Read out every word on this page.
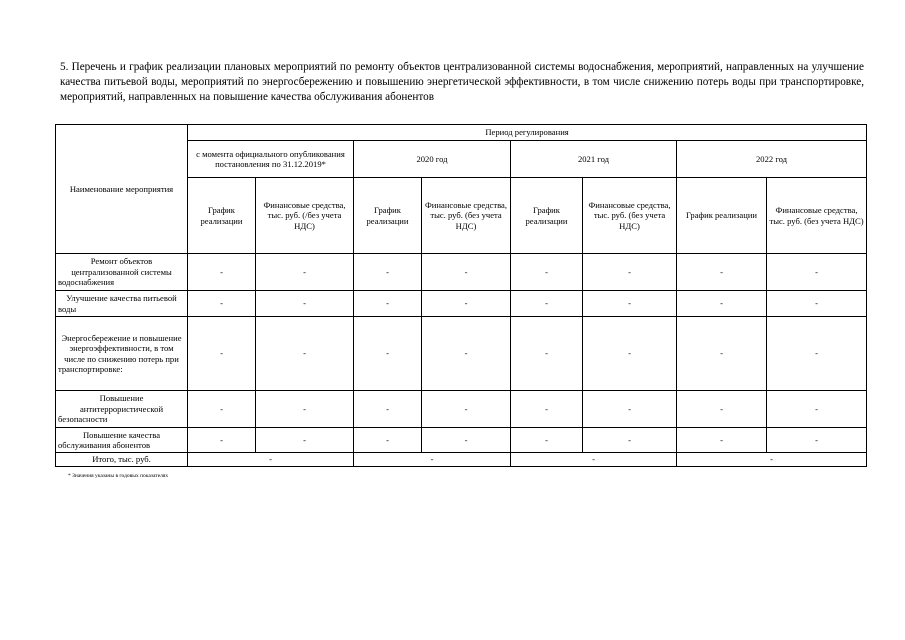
5. Перечень и график реализации плановых мероприятий по ремонту объектов централизованной системы водоснабжения, мероприятий, направленных на улучшение качества питьевой воды, мероприятий по энергосбережению и повышению энергетической эффективности, в том числе снижению потерь воды при транспортировке, мероприятий, направленных на повышение качества обслуживания абонентов
Наименование мероприятия	Период регулирования							
	с момента официального опубликования постановления по 31.12.2019*		2020 год		2021 год		2022 год	
	График реализации	Финансовые средства, тыс. руб. (/без учета НДС)	График реализации	Финансовые средства, тыс. руб. (без учета НДС)	График реализации	Финансовые средства, тыс. руб. (без учета НДС)	График реализации	Финансовые средства, тыс. руб. (без учета НДС)
Ремонт объектов централизованной системы водоснабжения	-	-	-	-	-	-	-	-
Улучшение качества питьевой воды	-	-	-	-	-	-	-	-
Энергосбережение и повышение энергоэффективности, в том числе по снижению потерь при транспортировке:	-	-	-	-	-	-	-	-
Повышение антитеррористической безопасности	-	-	-	-	-	-	-	-
Повышение качества обслуживания абонентов	-	-	-	-	-	-	-	-
Итого, тыс. руб.	-		-		-		-	
* Значения указаны в годовых показателях
